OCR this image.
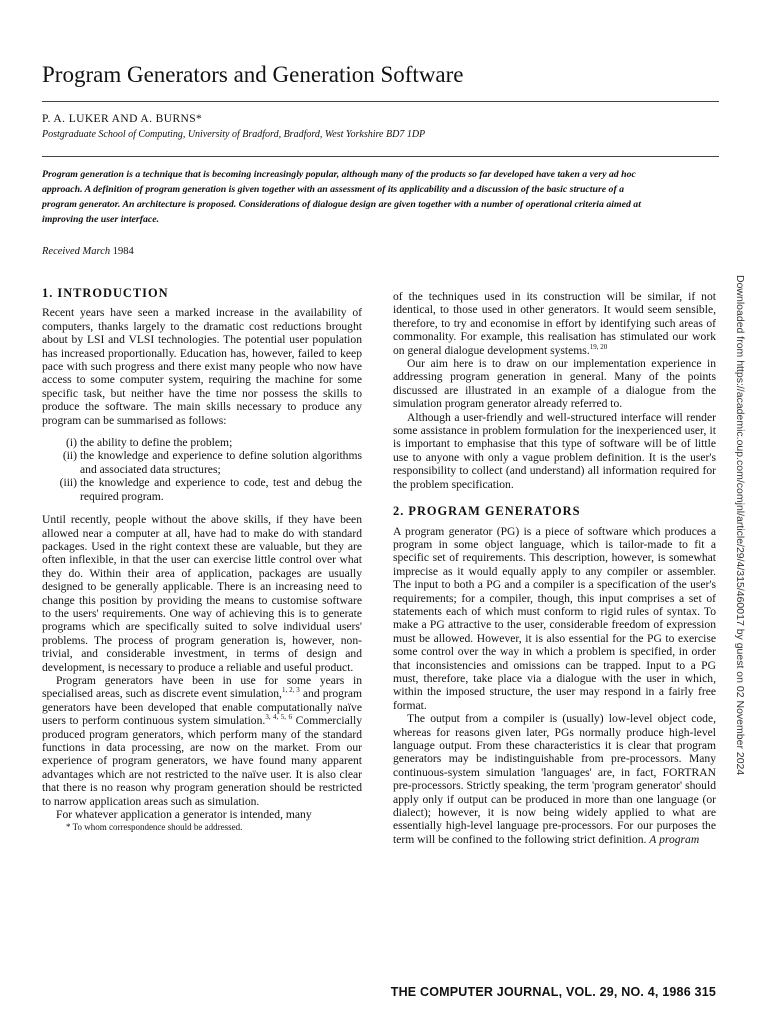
Program Generators and Generation Software
P. A. LUKER AND A. BURNS*
Postgraduate School of Computing, University of Bradford, Bradford, West Yorkshire BD7 1DP

Program generation is a technique that is becoming increasingly popular, although many of the products so far developed have taken a very ad hoc approach. A definition of program generation is given together with an assessment of its applicability and a discussion of the basic structure of a program generator. An architecture is proposed. Considerations of dialogue design are given together with a number of operational criteria aimed at improving the user interface.

Received March 1984
1. INTRODUCTION

Recent years have seen a marked increase in the availability of computers, thanks largely to the dramatic cost reductions brought about by LSI and VLSI technologies. The potential user population has increased proportionally. Education has, however, failed to keep pace with such progress and there exist many people who now have access to some computer system, requiring the machine for some specific task, but neither have the time nor possess the skills to produce the software. The main skills necessary to produce any program can be summarised as follows:

(i) the ability to define the problem;
(ii) the knowledge and experience to define solution algorithms and associated data structures;
(iii) the knowledge and experience to code, test and debug the required program.

Until recently, people without the above skills, if they have been allowed near a computer at all, have had to make do with standard packages. Used in the right context these are valuable, but they are often inflexible, in that the user can exercise little control over what they do. Within their area of application, packages are usually designed to be generally applicable. There is an increasing need to change this position by providing the means to customise software to the users' requirements. One way of achieving this is to generate programs which are specifically suited to solve individual users' problems. The process of program generation is, however, non-trivial, and considerable investment, in terms of design and development, is necessary to produce a reliable and useful product.

Program generators have been in use for some years in specialised areas, such as discrete event simulation,$^{1, 2, 3}$ and program generators have been developed that enable computationally naïve users to perform continuous system simulation.$^{3, 4, 5, 6}$ Commercially produced program generators, which perform many of the standard functions in data processing, are now on the market. From our experience of program generators, we have found many apparent advantages which are not restricted to the naïve user. It is also clear that there is no reason why program generation should be restricted to narrow application areas such as simulation.

For whatever application a generator is intended, many

* To whom correspondence should be addressed.

of the techniques used in its construction will be similar, if not identical, to those used in other generators. It would seem sensible, therefore, to try and economise in effort by identifying such areas of commonality. For example, this realisation has stimulated our work on general dialogue development systems.$^{19, 20}$

Our aim here is to draw on our implementation experience in addressing program generation in general. Many of the points discussed are illustrated in an example of a dialogue from the simulation program generator already referred to.

Although a user-friendly and well-structured interface will render some assistance in problem formulation for the inexperienced user, it is important to emphasise that this type of software will be of little use to anyone with only a vague problem definition. It is the user's responsibility to collect (and understand) all information required for the problem specification.

2. PROGRAM GENERATORS

A program generator (PG) is a piece of software which produces a program in some object language, which is tailor-made to fit a specific set of requirements. This description, however, is somewhat imprecise as it would equally apply to any compiler or assembler. The input to both a PG and a compiler is a specification of the user's requirements; for a compiler, though, this input comprises a set of statements each of which must conform to rigid rules of syntax. To make a PG attractive to the user, considerable freedom of expression must be allowed. However, it is also essential for the PG to exercise some control over the way in which a problem is specified, in order that inconsistencies and omissions can be trapped. Input to a PG must, therefore, take place via a dialogue with the user in which, within the imposed structure, the user may respond in a fairly free format.

The output from a compiler is (usually) low-level object code, whereas for reasons given later, PGs normally produce high-level language output. From these characteristics it is clear that program generators may be indistinguishable from pre-processors. Many continuous-system simulation 'languages' are, in fact, FORTRAN pre-processors. Strictly speaking, the term 'program generator' should apply only if output can be produced in more than one language (or dialect); however, it is now being widely applied to what are essentially high-level language pre-processors. For our purposes the term will be confined to the following strict definition. A program

Downloaded from https://academic.oup.com/comjnl/article/29/4/315/460017 by guest on 02 November 2024
THE COMPUTER JOURNAL, VOL. 29, NO. 4, 1986 315
